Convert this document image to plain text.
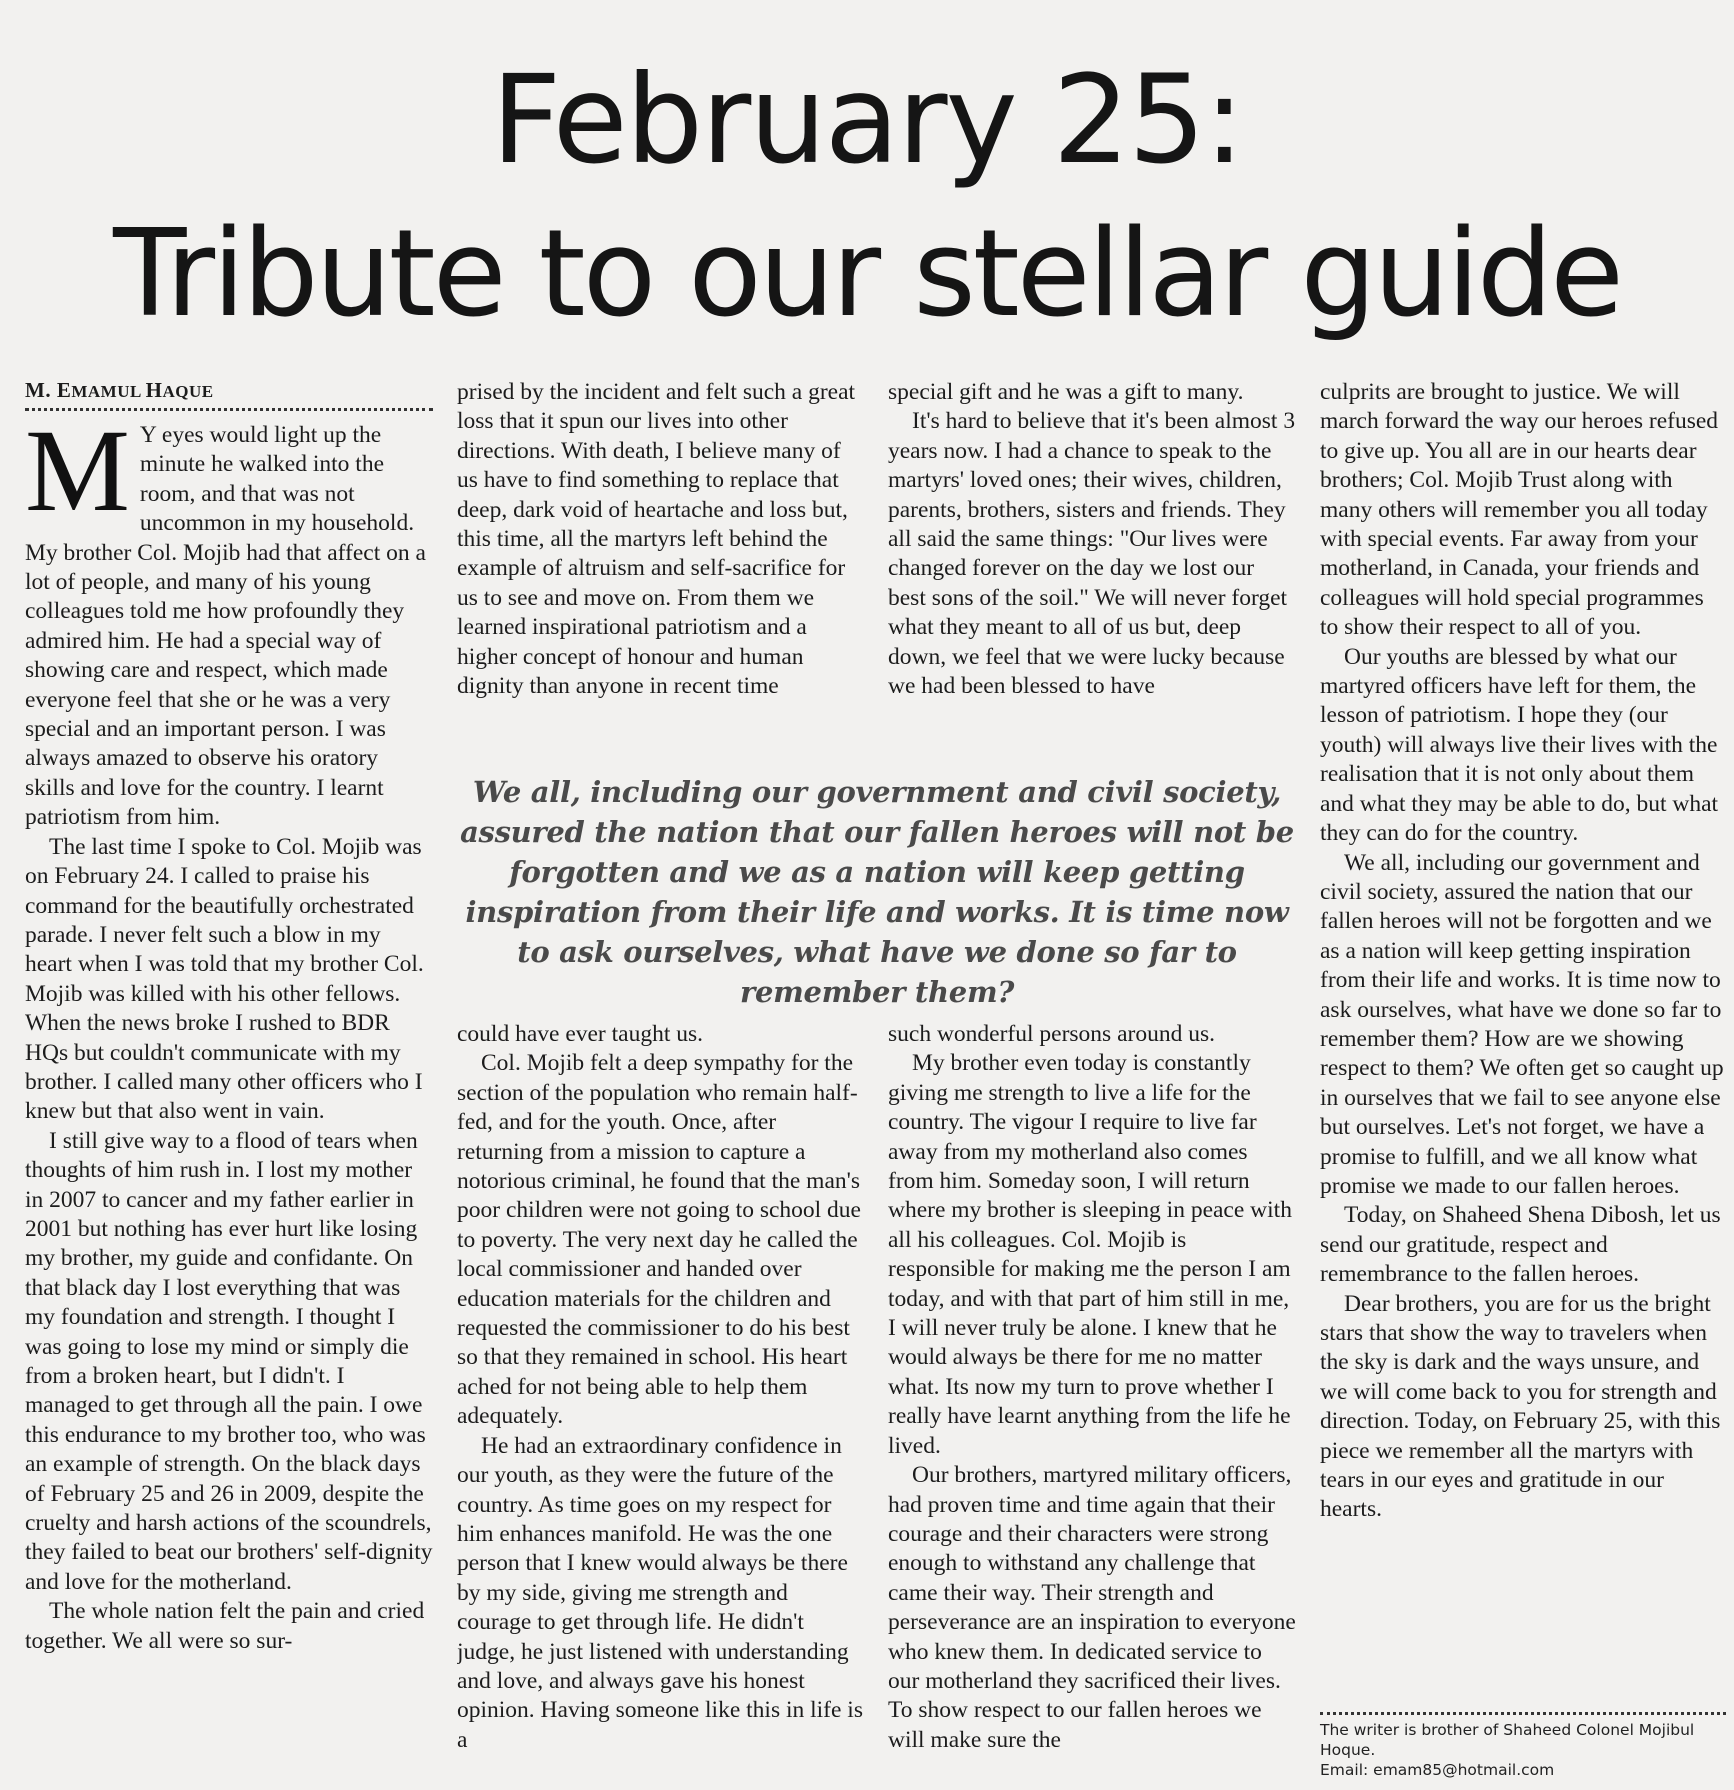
February 25:
Tribute to our stellar guide
M. EMAMUL HAQUE

M Y eyes would light up the minute he walked into the room, and that was not uncommon in my household. My brother Col. Mojib had that affect on a lot of people, and many of his young colleagues told me how profoundly they admired him. He had a special way of showing care and respect, which made everyone feel that she or he was a very special and an important person. I was always amazed to observe his oratory skills and love for the country. I learnt patriotism from him.

The last time I spoke to Col. Mojib was on February 24. I called to praise his command for the beautifully orchestrated parade. I never felt such a blow in my heart when I was told that my brother Col. Mojib was killed with his other fellows. When the news broke I rushed to BDR HQs but couldn't communicate with my brother. I called many other officers who I knew but that also went in vain.

I still give way to a flood of tears when thoughts of him rush in. I lost my mother in 2007 to cancer and my father earlier in 2001 but nothing has ever hurt like losing my brother, my guide and confidante. On that black day I lost everything that was my foundation and strength. I thought I was going to lose my mind or simply die from a broken heart, but I didn't. I managed to get through all the pain. I owe this endurance to my brother too, who was an example of strength. On the black days of February 25 and 26 in 2009, despite the cruelty and harsh actions of the scoundrels, they failed to beat our brothers' self-dignity and love for the motherland.

The whole nation felt the pain and cried together. We all were so sur-

prised by the incident and felt such a great loss that it spun our lives into other directions. With death, I believe many of us have to find something to replace that deep, dark void of heartache and loss but, this time, all the martyrs left behind the example of altruism and self-sacrifice for us to see and move on. From them we learned inspirational patriotism and a higher concept of honour and human dignity than anyone in recent time

special gift and he was a gift to many.

It's hard to believe that it's been almost 3 years now. I had a chance to speak to the martyrs' loved ones; their wives, children, parents, brothers, sisters and friends. They all said the same things: "Our lives were changed forever on the day we lost our best sons of the soil." We will never forget what they meant to all of us but, deep down, we feel that we were lucky because we had been blessed to have

We all, including our government and civil society, assured the nation that our fallen heroes will not be forgotten and we as a nation will keep getting inspiration from their life and works. It is time now to ask ourselves, what have we done so far to remember them?

could have ever taught us.

Col. Mojib felt a deep sympathy for the section of the population who remain half-fed, and for the youth. Once, after returning from a mission to capture a notorious criminal, he found that the man's poor children were not going to school due to poverty. The very next day he called the local commissioner and handed over education materials for the children and requested the commissioner to do his best so that they remained in school. His heart ached for not being able to help them adequately.

He had an extraordinary confidence in our youth, as they were the future of the country. As time goes on my respect for him enhances manifold. He was the one person that I knew would always be there by my side, giving me strength and courage to get through life. He didn't judge, he just listened with understanding and love, and always gave his honest opinion. Having someone like this in life is a

such wonderful persons around us.

My brother even today is constantly giving me strength to live a life for the country. The vigour I require to live far away from my motherland also comes from him. Someday soon, I will return where my brother is sleeping in peace with all his colleagues. Col. Mojib is responsible for making me the person I am today, and with that part of him still in me, I will never truly be alone. I knew that he would always be there for me no matter what. Its now my turn to prove whether I really have learnt anything from the life he lived.

Our brothers, martyred military officers, had proven time and time again that their courage and their characters were strong enough to withstand any challenge that came their way. Their strength and perseverance are an inspiration to everyone who knew them. In dedicated service to our motherland they sacrificed their lives. To show respect to our fallen heroes we will make sure the

culprits are brought to justice. We will march forward the way our heroes refused to give up. You all are in our hearts dear brothers; Col. Mojib Trust along with many others will remember you all today with special events. Far away from your motherland, in Canada, your friends and colleagues will hold special programmes to show their respect to all of you.

Our youths are blessed by what our martyred officers have left for them, the lesson of patriotism. I hope they (our youth) will always live their lives with the realisation that it is not only about them and what they may be able to do, but what they can do for the country.

We all, including our government and civil society, assured the nation that our fallen heroes will not be forgotten and we as a nation will keep getting inspiration from their life and works. It is time now to ask ourselves, what have we done so far to remember them? How are we showing respect to them? We often get so caught up in ourselves that we fail to see anyone else but ourselves. Let's not forget, we have a promise to fulfill, and we all know what promise we made to our fallen heroes.

Today, on Shaheed Shena Dibosh, let us send our gratitude, respect and remembrance to the fallen heroes.

Dear brothers, you are for us the bright stars that show the way to travelers when the sky is dark and the ways unsure, and we will come back to you for strength and direction. Today, on February 25, with this piece we remember all the martyrs with tears in our eyes and gratitude in our hearts.

The writer is brother of Shaheed Colonel Mojibul Hoque.
Email: emam85@hotmail.com
